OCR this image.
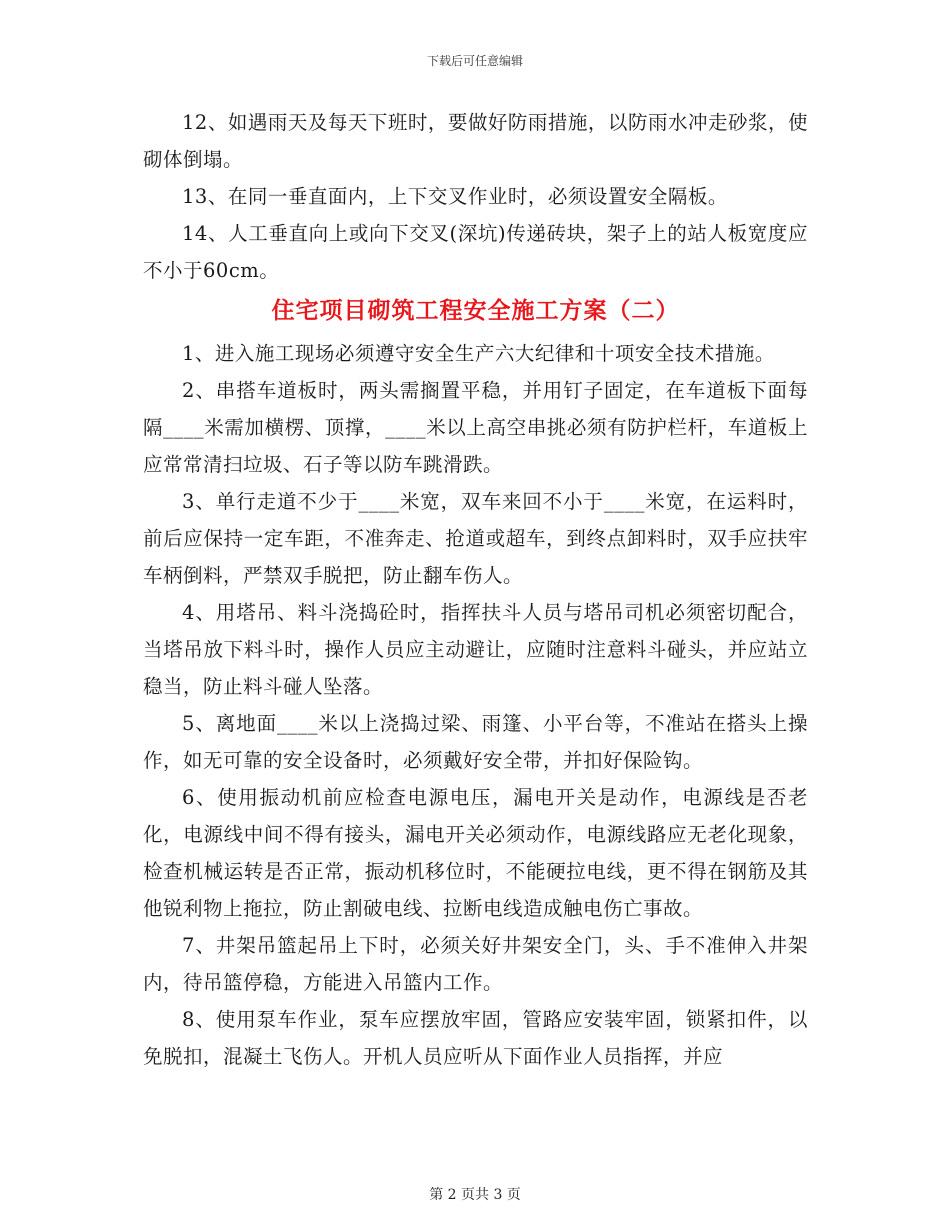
下载后可任意编辑

12、如遇雨天及每天下班时，要做好防雨措施，以防雨水冲走砂浆，使砌体倒塌。

13、在同一垂直面内，上下交叉作业时，必须设置安全隔板。

14、人工垂直向上或向下交叉(深坑)传递砖块，架子上的站人板宽度应不小于60cm。

住宅项目砌筑工程安全施工方案（二）

1、进入施工现场必须遵守安全生产六大纪律和十项安全技术措施。

2、串搭车道板时，两头需搁置平稳，并用钉子固定，在车道板下面每隔____米需加横楞、顶撑，____米以上高空串挑必须有防护栏杆，车道板上应常常清扫垃圾、石子等以防车跳滑跌。

3、单行走道不少于____米宽，双车来回不小于____米宽，在运料时，前后应保持一定车距，不准奔走、抢道或超车，到终点卸料时，双手应扶牢车柄倒料，严禁双手脱把，防止翻车伤人。

4、用塔吊、料斗浇捣砼时，指挥扶斗人员与塔吊司机必须密切配合，当塔吊放下料斗时，操作人员应主动避让，应随时注意料斗碰头，并应站立稳当，防止料斗碰人坠落。

5、离地面____米以上浇捣过梁、雨篷、小平台等，不准站在搭头上操作，如无可靠的安全设备时，必须戴好安全带，并扣好保险钩。

6、使用振动机前应检查电源电压，漏电开关是动作，电源线是否老化，电源线中间不得有接头，漏电开关必须动作，电源线路应无老化现象，检查机械运转是否正常，振动机移位时，不能硬拉电线，更不得在钢筋及其他锐利物上拖拉，防止割破电线、拉断电线造成触电伤亡事故。

7、井架吊篮起吊上下时，必须关好井架安全门，头、手不准伸入井架内，待吊篮停稳，方能进入吊篮内工作。

8、使用泵车作业，泵车应摆放牢固，管路应安装牢固，锁紧扣件，以免脱扣，混凝土飞伤人。开机人员应听从下面作业人员指挥，并应

第 2 页共 3 页
